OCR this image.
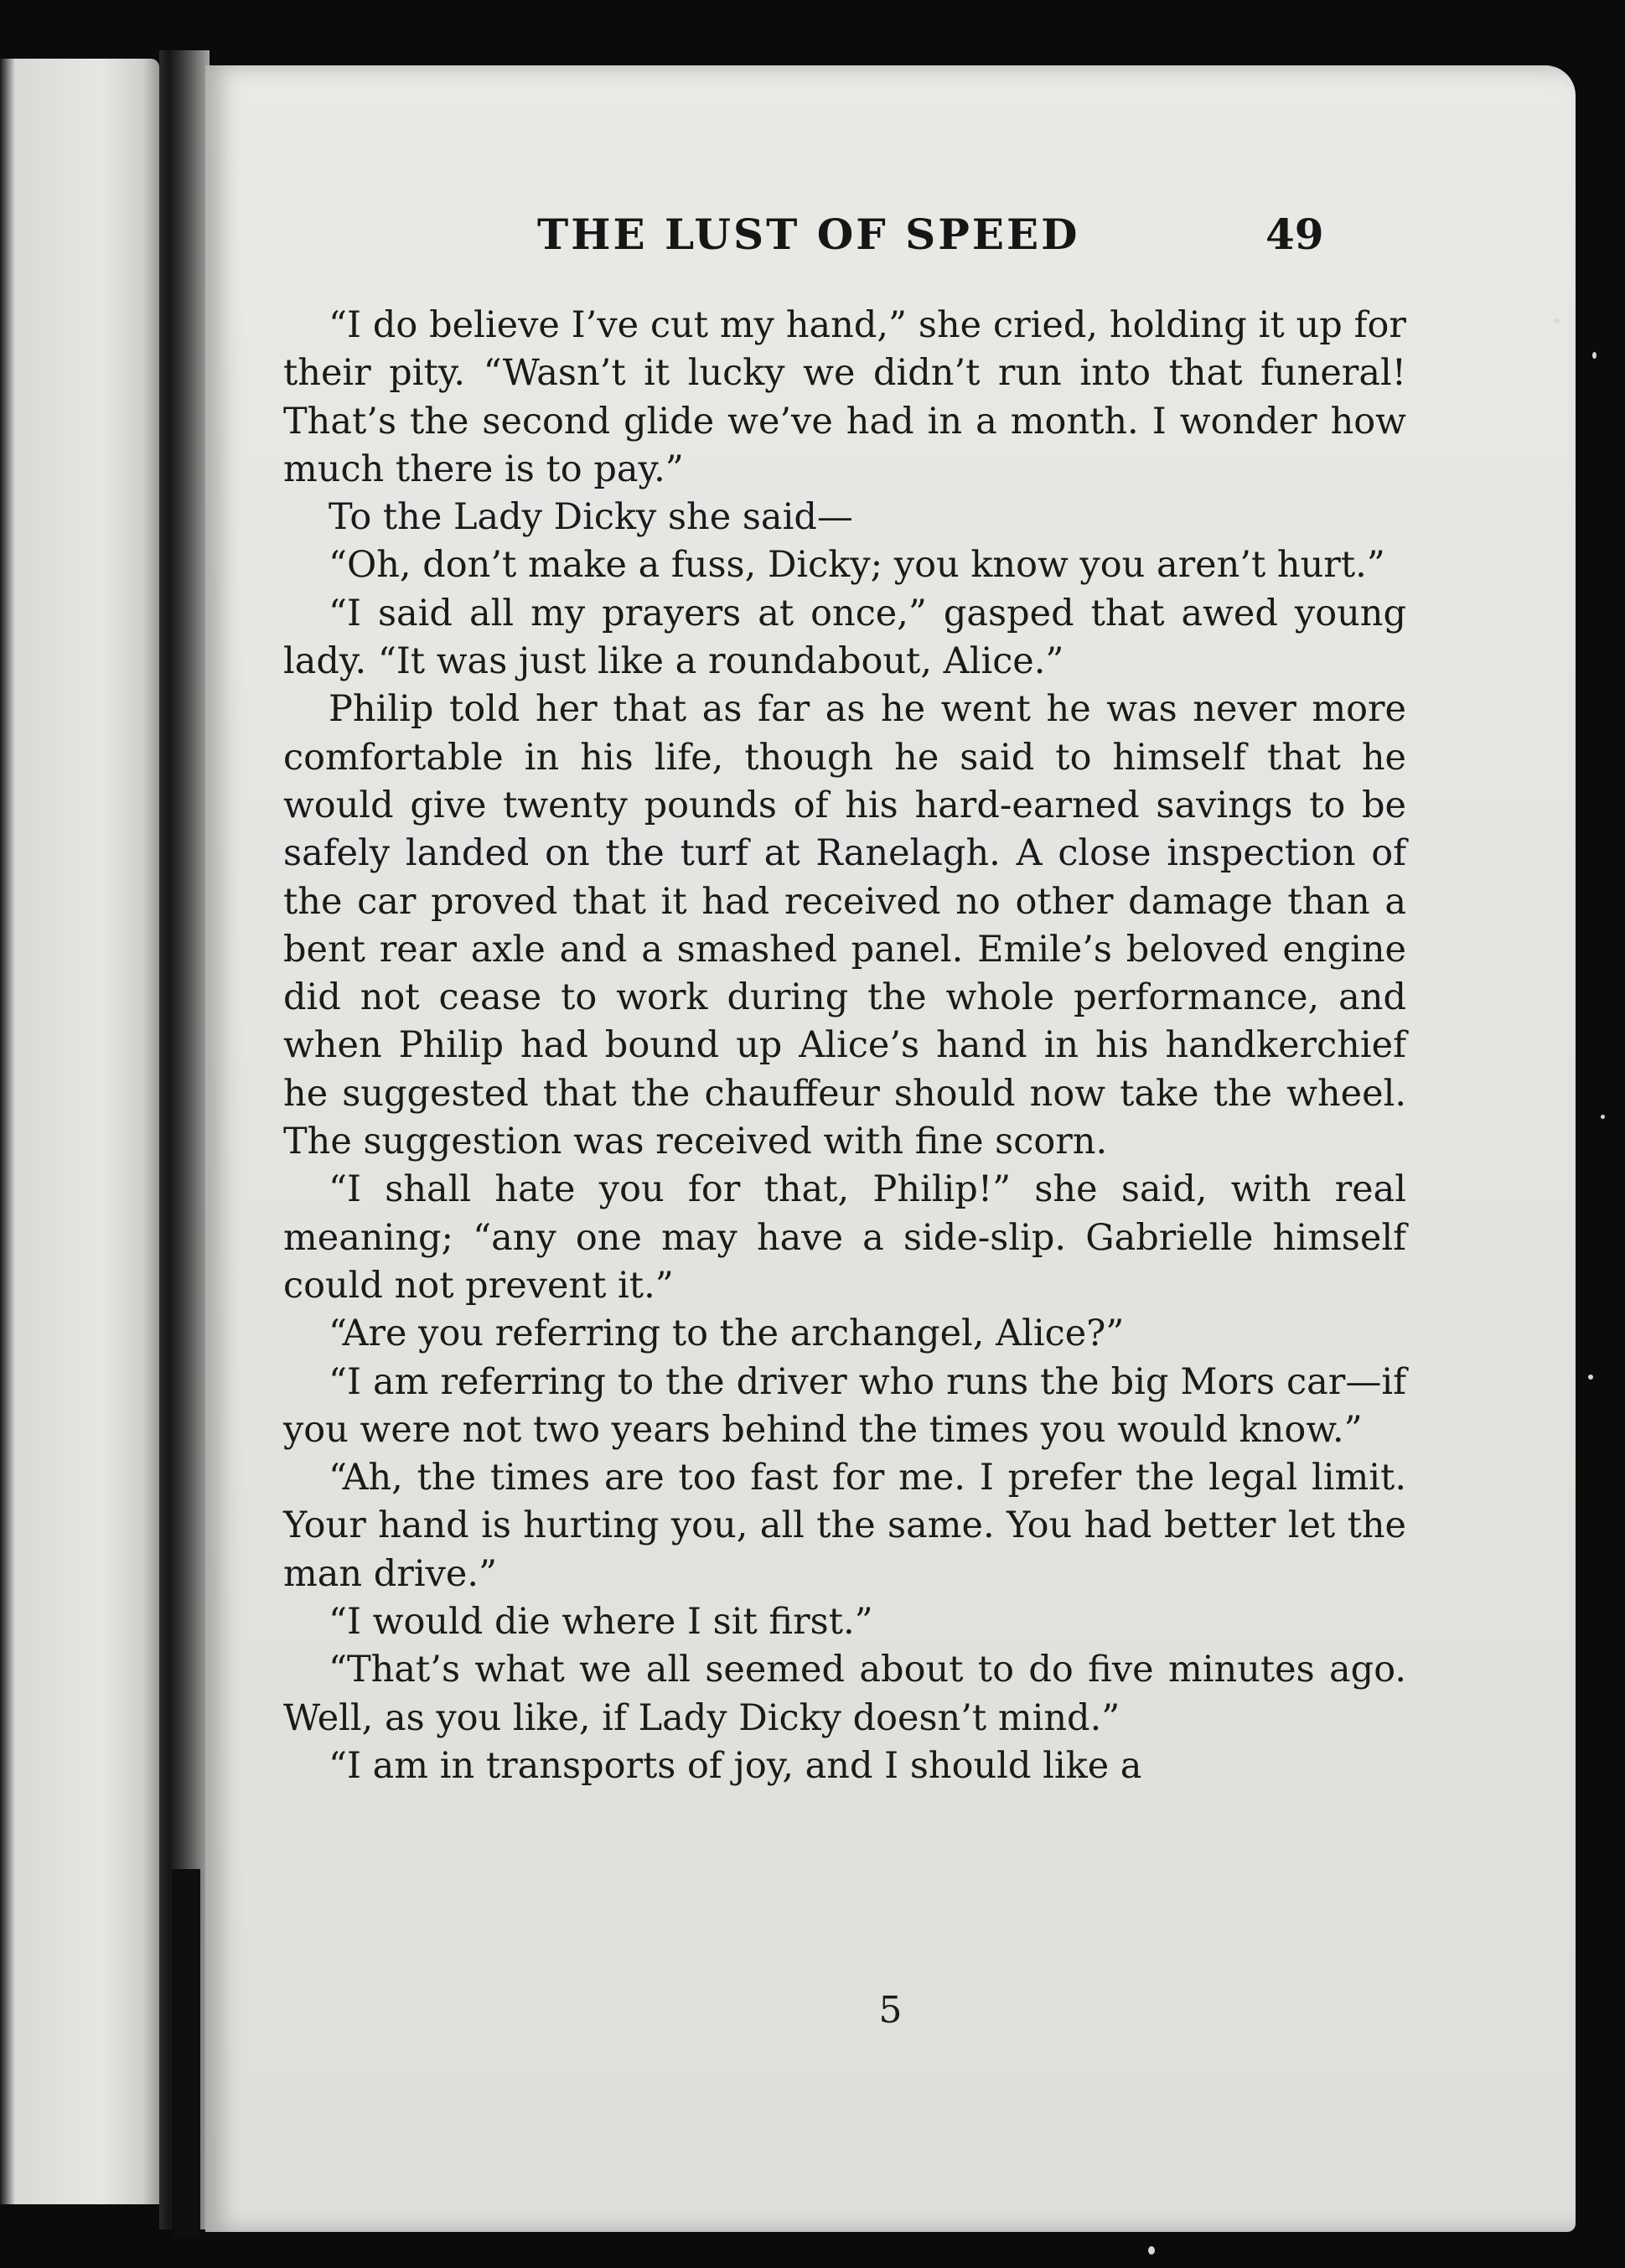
THE LUST OF SPEED	49

“I do believe I’ve cut my hand,” she cried, holding it up for their pity. “Wasn’t it lucky we didn’t run into that funeral! That’s the second glide we’ve had in a month. I wonder how much there is to pay.”

To the Lady Dicky she said—

“Oh, don’t make a fuss, Dicky; you know you aren’t hurt.”

“I said all my prayers at once,” gasped that awed young lady. “It was just like a roundabout, Alice.”

Philip told her that as far as he went he was never more comfortable in his life, though he said to himself that he would give twenty pounds of his hard-earned savings to be safely landed on the turf at Ranelagh. A close inspection of the car proved that it had received no other damage than a bent rear axle and a smashed panel. Emile’s beloved engine did not cease to work during the whole performance, and when Philip had bound up Alice’s hand in his handkerchief he suggested that the chauffeur should now take the wheel. The suggestion was received with fine scorn.

“I shall hate you for that, Philip!” she said, with real meaning; “any one may have a side-slip. Gabrielle himself could not prevent it.”

“Are you referring to the archangel, Alice?”

“I am referring to the driver who runs the big Mors car—if you were not two years behind the times you would know.”

“Ah, the times are too fast for me. I prefer the legal limit. Your hand is hurting you, all the same. You had better let the man drive.”

“I would die where I sit first.”

“That’s what we all seemed about to do five minutes ago. Well, as you like, if Lady Dicky doesn’t mind.”

“I am in transports of joy, and I should like a

5
